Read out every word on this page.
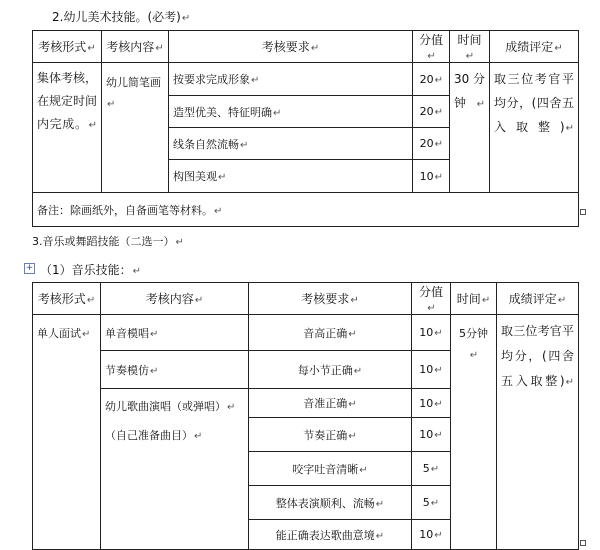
2.幼儿美术技能。(必考)↵
考核形式↵	考核内容↵	考核要求↵	分值↵	时间↵	成绩评定↵
集体考核，在规定时间内完成。↵	幼儿简笔画↵	按要求完成形象↵	20↵	30分钟↵	取三位考官平均分，(四舍五入取整)↵
		造型优美、特征明确↵	20↵		
		线条自然流畅↵	20↵		
		构图美观↵	10↵		
备注：除画纸外，自备画笔等材料。↵					
3.音乐或舞蹈技能（二选一）↵
+ （1）音乐技能：↵
考核形式↵	考核内容↵	考核要求↵	分值↵	时间↵	成绩评定↵
单人面试↵	单音模唱↵	音高正确↵	10↵	5分钟↵	取三位考官平均分，(四舍五入取整)↵
	节奏模仿↵	每小节正确↵	10↵		

	幼儿歌曲演唱（或弹唱）↵
（自己准备曲目）↵	音准正确↵	10↵		
		节奏正确↵	10↵		
		咬字吐音清晰↵	5↵		
		整体表演顺利、流畅↵	5↵		
		能正确表达歌曲意境↵	10↵		
